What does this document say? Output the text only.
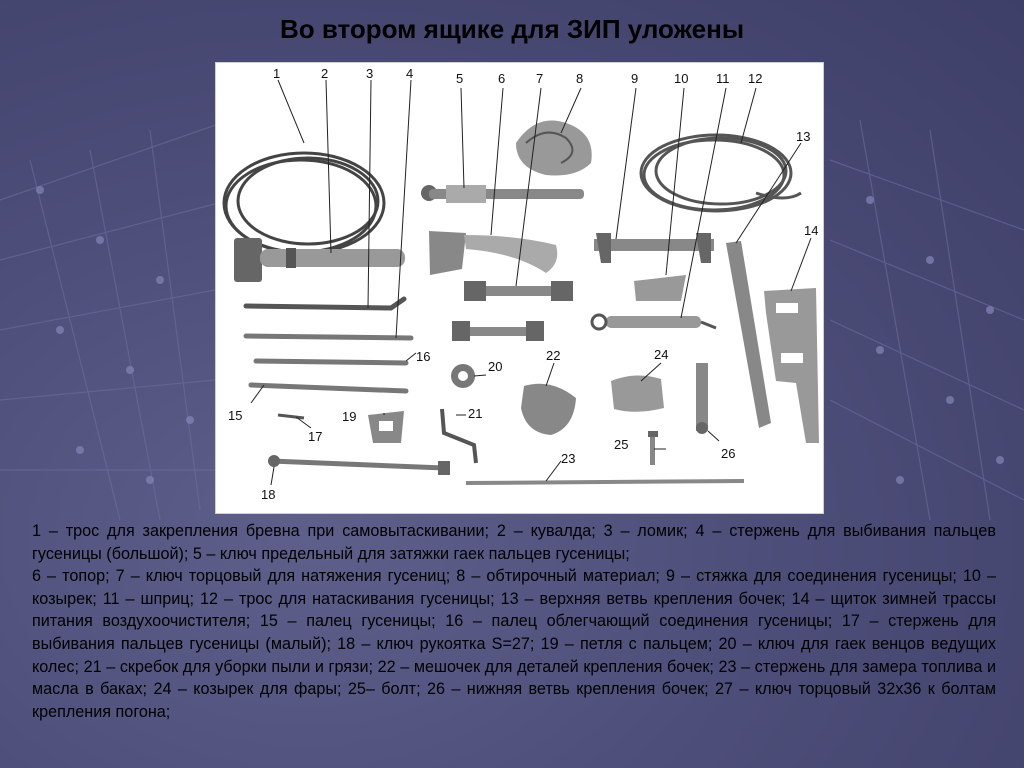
Во втором ящике для ЗИП уложены
1	2	3	4	5	6 7	8	9	10 11 12
13
14
15
16
17
18
19
20
21
22
23
24
25
26

1 – трос для закрепления бревна при самовытаскивании; 2 – кувалда; 3 – ломик; 4 – стержень для выбивания пальцев гусеницы (большой); 5 – ключ предельный для затяжки гаек пальцев гусеницы;

6 – топор; 7 – ключ торцовый для натяжения гусениц; 8 – обтирочный материал; 9 – стяжка для соединения гусеницы; 10 – козырек; 11 – шприц; 12 – трос для натаскивания гусеницы; 13 – верхняя ветвь крепления бочек; 14 – щиток зимней трассы питания воздухоочистителя; 15 – палец гусеницы; 16 – палец облегчающий соединения гусеницы; 17 – стержень для выбивания пальцев гусеницы (малый); 18 – ключ рукоятка S=27; 19 – петля с пальцем; 20 – ключ для гаек венцов ведущих колес; 21 – скребок для уборки пыли и грязи; 22 – мешочек для деталей крепления бочек; 23 – стержень для замера топлива и масла в баках; 24 – козырек для фары; 25– болт; 26 – нижняя ветвь крепления бочек; 27 – ключ торцовый 32х36 к болтам крепления погона;
